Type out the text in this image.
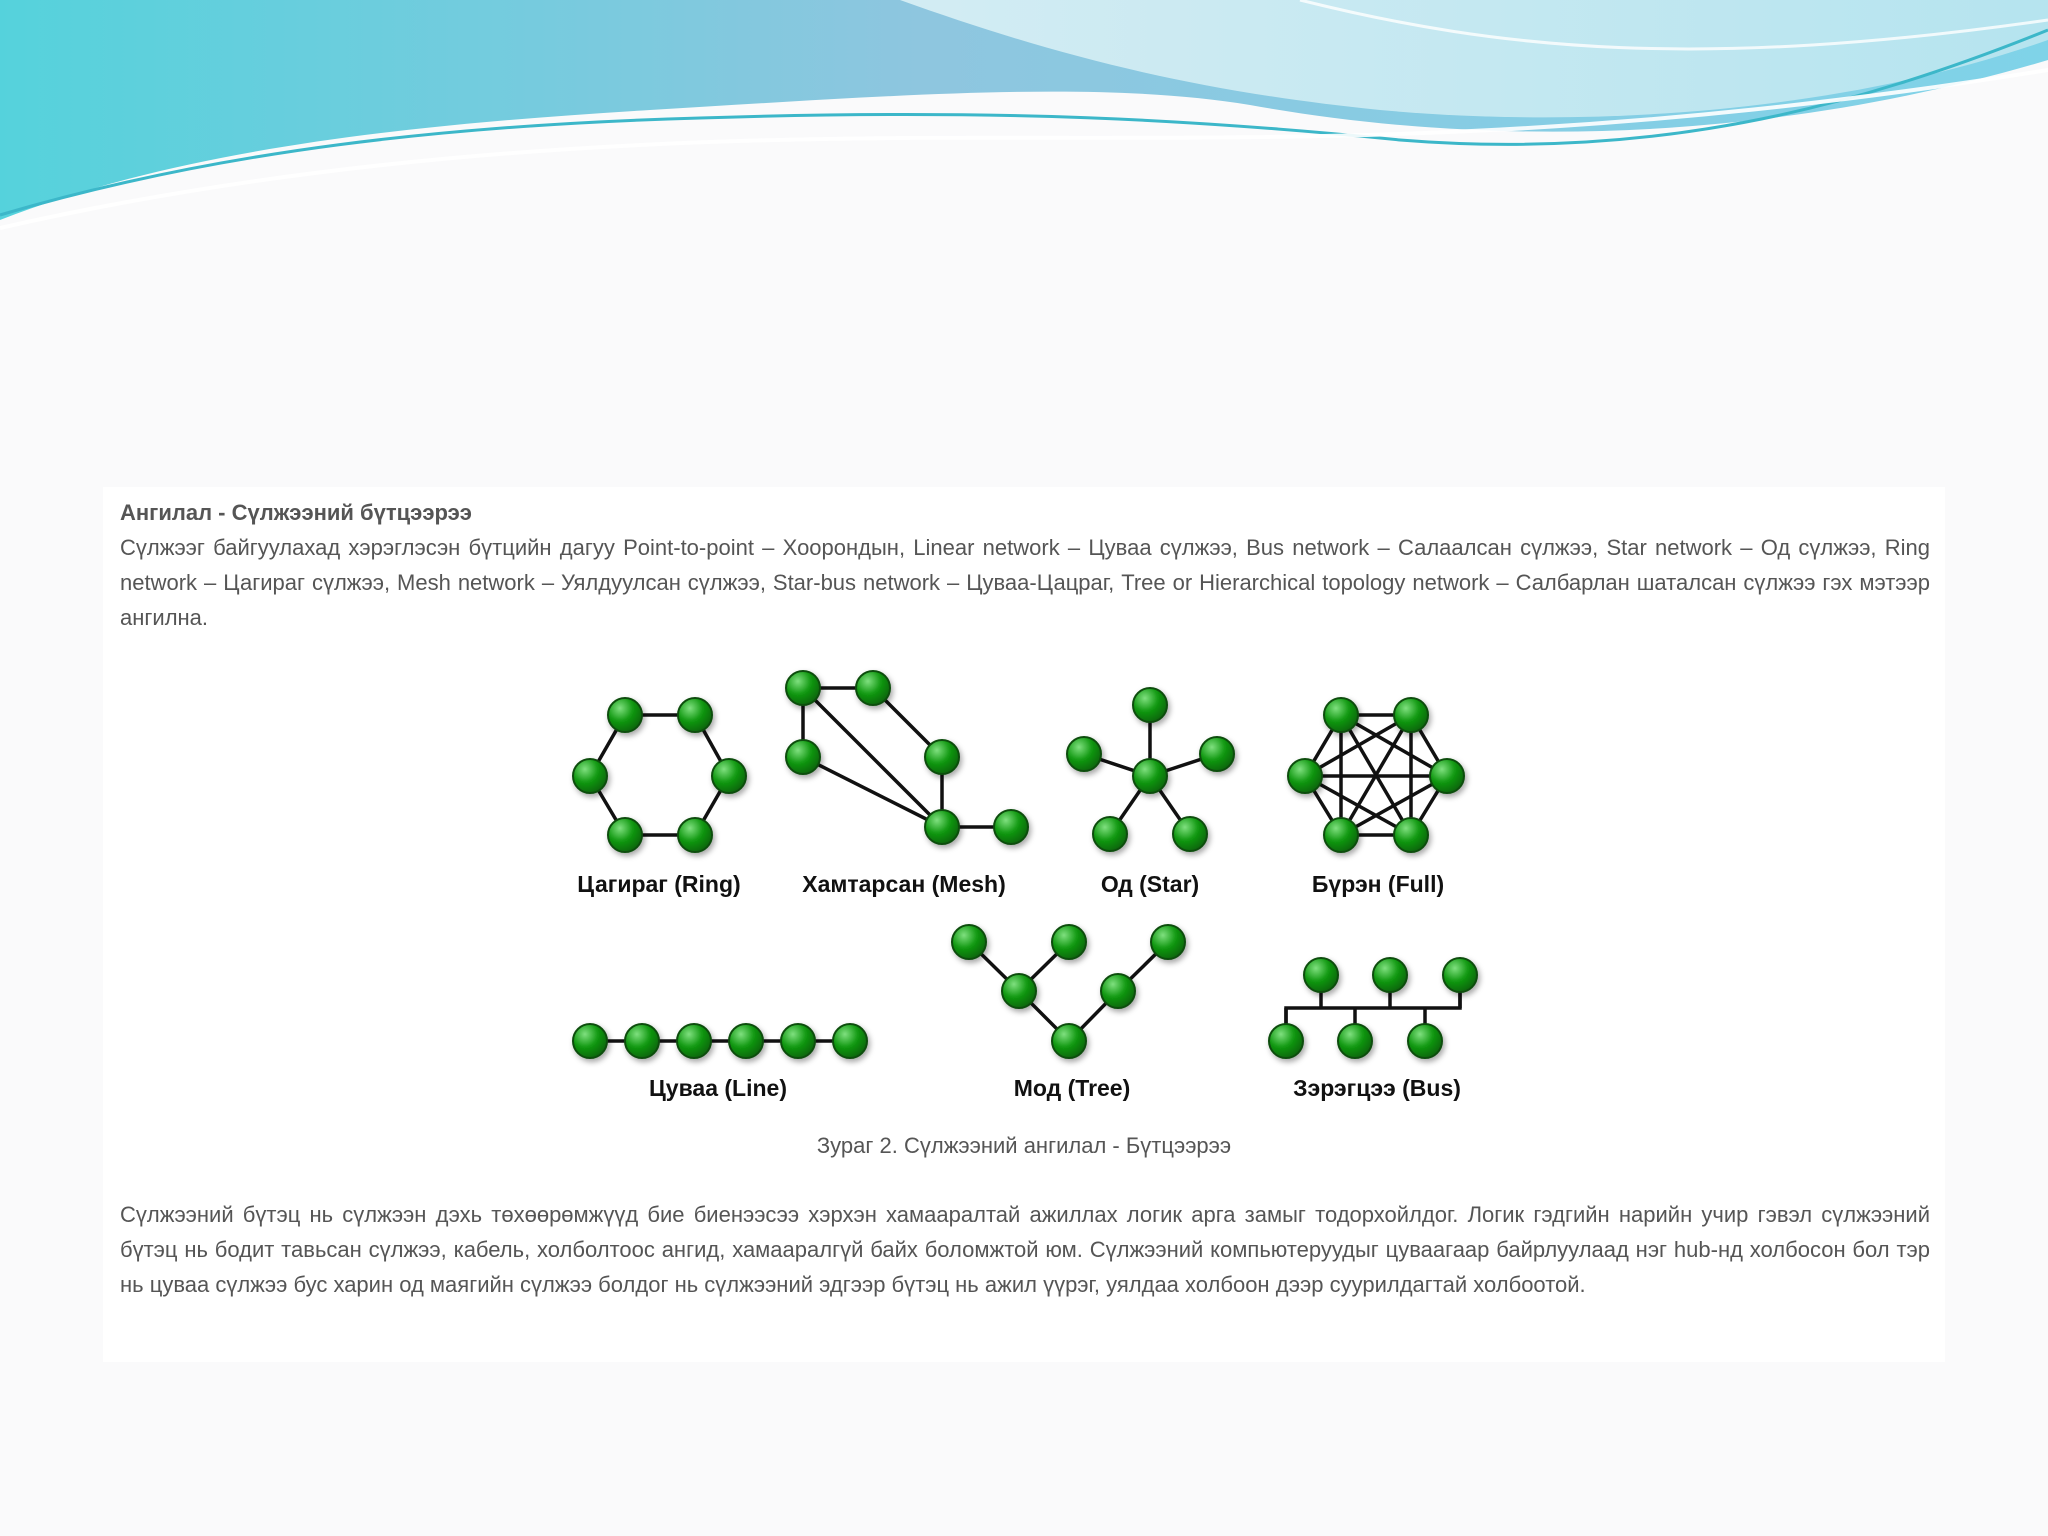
Ангилал - Сүлжээний бүтцээрээ
Сүлжээг байгуулахад хэрэглэсэн бүтцийн дагуу Point-to-point – Хоорондын, Linear network – Цуваа сүлжээ, Bus network – Салаалсан сүлжээ, Star network – Од сүлжээ, Ring network – Цагираг сүлжээ, Mesh network – Уялдуулсан сүлжээ, Star-bus network – Цуваа-Цацраг, Tree or Hierarchical topology network – Салбарлан шаталсан сүлжээ гэх мэтээр ангилна.
Цагираг (Ring)	Хамтарсан (Mesh)	Од (Star)	Бүрэн (Full)
Цуваа (Line)	Мод (Tree)	Зэрэгцээ (Bus)
Зураг 2. Сүлжээний ангилал - Бүтцээрээ
Сүлжээний бүтэц нь сүлжээн дэхь төхөөрөмжүүд бие биенээсээ хэрхэн хамааралтай ажиллах логик арга замыг тодорхойлдог. Логик гэдгийн нарийн учир гэвэл сүлжээний бүтэц нь бодит тавьсан сүлжээ, кабель, холболтоос ангид, хамааралгүй байх боломжтой юм. Сүлжээний компьютеруудыг цуваагаар байрлуулаад нэг hub-нд холбосон бол тэр нь цуваа сүлжээ бус харин од маягийн сүлжээ болдог нь сүлжээний эдгээр бүтэц нь ажил үүрэг, уялдаа холбоон дээр суурилдагтай холбоотой.
